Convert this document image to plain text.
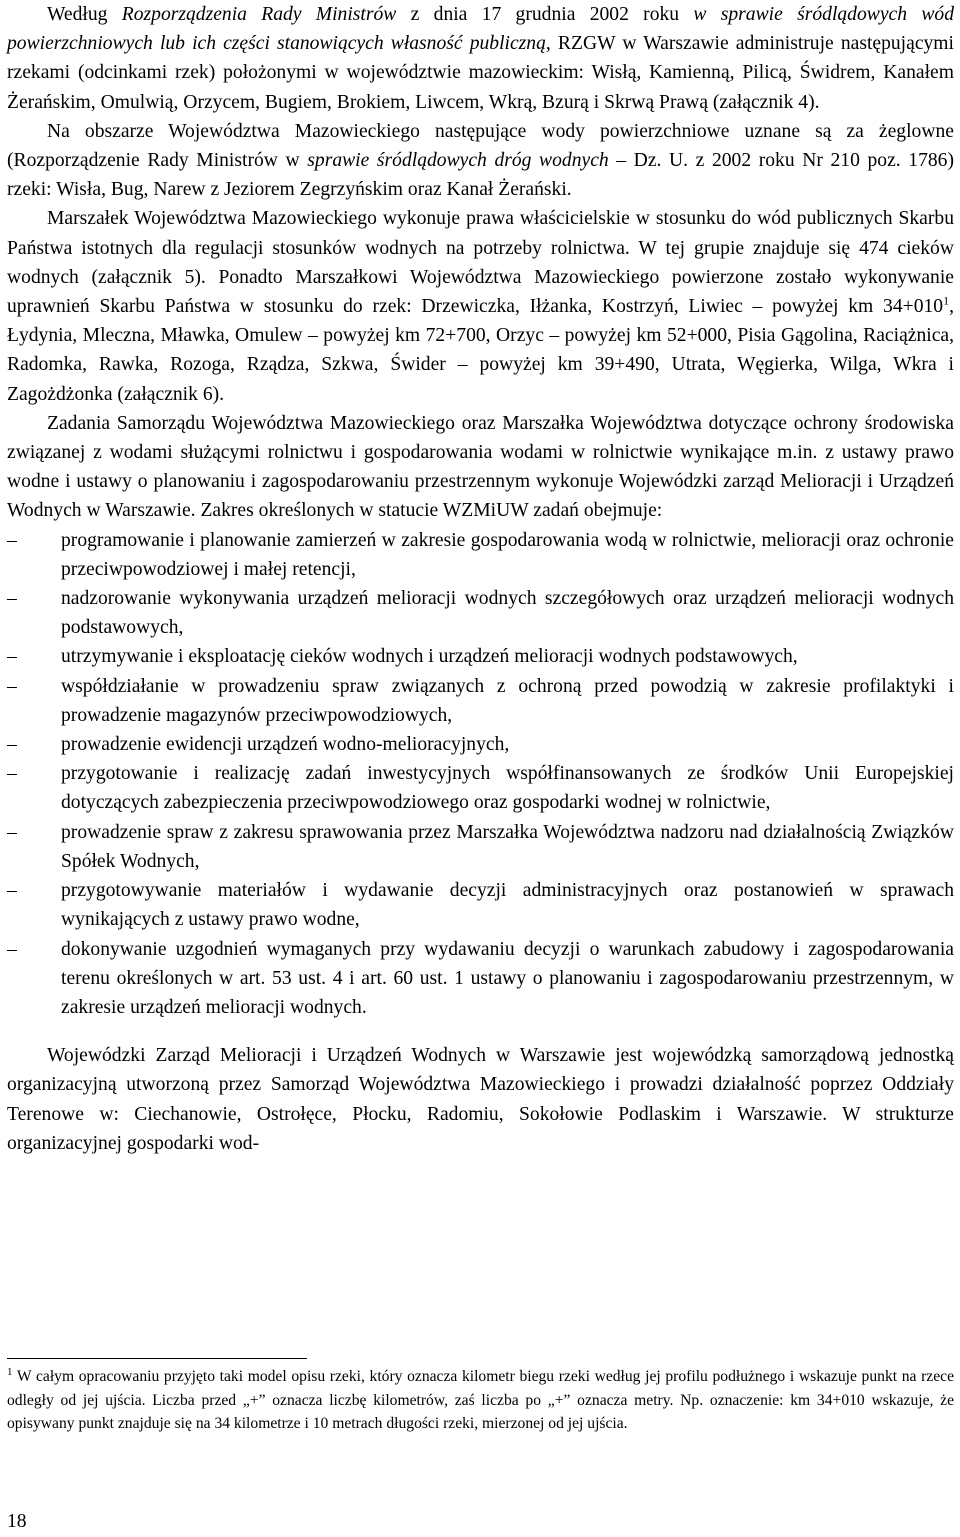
Według Rozporządzenia Rady Ministrów z dnia 17 grudnia 2002 roku w sprawie śródlądowych wód powierzchniowych lub ich części stanowiących własność publiczną, RZGW w Warszawie administruje następującymi rzekami (odcinkami rzek) położonymi w województwie mazowieckim: Wisłą, Kamienną, Pilicą, Świdrem, Kanałem Żerańskim, Omulwią, Orzycem, Bugiem, Brokiem, Liwcem, Wkrą, Bzurą i Skrwą Prawą (załącznik 4).

Na obszarze Województwa Mazowieckiego następujące wody powierzchniowe uznane są za żeglowne (Rozporządzenie Rady Ministrów w sprawie śródlądowych dróg wodnych – Dz. U. z 2002 roku Nr 210 poz. 1786) rzeki: Wisła, Bug, Narew z Jeziorem Zegrzyńskim oraz Kanał Żerański.

Marszałek Województwa Mazowieckiego wykonuje prawa właścicielskie w stosunku do wód publicznych Skarbu Państwa istotnych dla regulacji stosunków wodnych na potrzeby rolnictwa. W tej grupie znajduje się 474 cieków wodnych (załącznik 5). Ponadto Marszałkowi Województwa Mazowieckiego powierzone zostało wykonywanie uprawnień Skarbu Państwa w stosunku do rzek: Drzewiczka, Iłżanka, Kostrzyń, Liwiec – powyżej km 34+010$^1$, Łydynia, Mleczna, Mławka, Omulew – powyżej km 72+700, Orzyc – powyżej km 52+000, Pisia Gągolina, Raciążnica, Radomka, Rawka, Rozoga, Rządza, Szkwa, Świder – powyżej km 39+490, Utrata, Węgierka, Wilga, Wkra i Zagożdżonka (załącznik 6).

Zadania Samorządu Województwa Mazowieckiego oraz Marszałka Województwa dotyczące ochrony środowiska związanej z wodami służącymi rolnictwu i gospodarowania wodami w rolnictwie wynikające m.in. z ustawy prawo wodne i ustawy o planowaniu i zagospodarowaniu przestrzennym wykonuje Wojewódzki zarząd Melioracji i Urządzeń Wodnych w Warszawie. Zakres określonych w statucie WZMiUW zadań obejmuje:

– programowanie i planowanie zamierzeń w zakresie gospodarowania wodą w rolnictwie, melioracji oraz ochronie przeciwpowodziowej i małej retencji,
– nadzorowanie wykonywania urządzeń melioracji wodnych szczegółowych oraz urządzeń melioracji wodnych podstawowych,
– utrzymywanie i eksploatację cieków wodnych i urządzeń melioracji wodnych podstawowych,
– współdziałanie w prowadzeniu spraw związanych z ochroną przed powodzią w zakresie profilaktyki i prowadzenie magazynów przeciwpowodziowych,
– prowadzenie ewidencji urządzeń wodno-melioracyjnych,
– przygotowanie i realizację zadań inwestycyjnych współfinansowanych ze środków Unii Europejskiej dotyczących zabezpieczenia przeciwpowodziowego oraz gospodarki wodnej w rolnictwie,
– prowadzenie spraw z zakresu sprawowania przez Marszałka Województwa nadzoru nad działalnością Związków Spółek Wodnych,
– przygotowywanie materiałów i wydawanie decyzji administracyjnych oraz postanowień w sprawach wynikających z ustawy prawo wodne,
– dokonywanie uzgodnień wymaganych przy wydawaniu decyzji o warunkach zabudowy i zagospodarowania terenu określonych w art. 53 ust. 4 i art. 60 ust. 1 ustawy o planowaniu i zagospodarowaniu przestrzennym, w zakresie urządzeń melioracji wodnych.

Wojewódzki Zarząd Melioracji i Urządzeń Wodnych w Warszawie jest wojewódzką samorządową jednostką organizacyjną utworzoną przez Samorząd Województwa Mazowieckiego i prowadzi działalność poprzez Oddziały Terenowe w: Ciechanowie, Ostrołęce, Płocku, Radomiu, Sokołowie Podlaskim i Warszawie. W strukturze organizacyjnej gospodarki wod-

$^1$ W całym opracowaniu przyjęto taki model opisu rzeki, który oznacza kilometr biegu rzeki według jej profilu podłużnego i wskazuje punkt na rzece odległy od jej ujścia. Liczba przed „+” oznacza liczbę kilometrów, zaś liczba po „+” oznacza metry. Np. oznaczenie: km 34+010 wskazuje, że opisywany punkt znajduje się na 34 kilometrze i 10 metrach długości rzeki, mierzonej od jej ujścia.
18
